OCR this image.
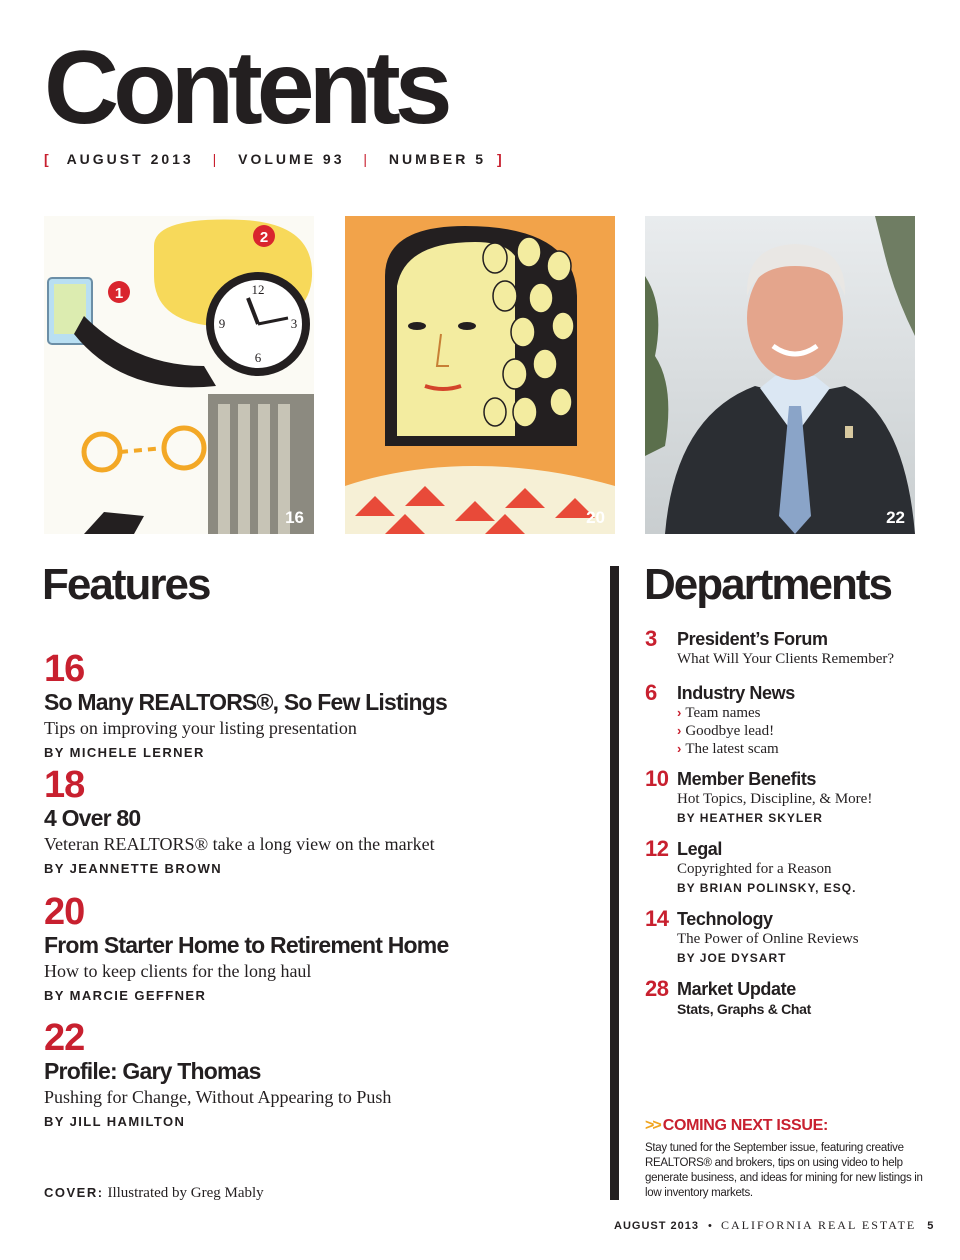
Contents
[ AUGUST 2013 | VOLUME 93 | NUMBER 5 ]
2
1	12
3
6
9
16	20	22
Features
16
So Many REALTORS®, So Few Listings
Tips on improving your listing presentation
BY MICHELE LERNER
18
4 Over 80
Veteran REALTORS® take a long view on the market
BY JEANNETTE BROWN
20
From Starter Home to Retirement Home
How to keep clients for the long haul
BY MARCIE GEFFNER
22
Profile: Gary Thomas
Pushing for Change, Without Appearing to Push
BY JILL HAMILTON
COVER: Illustrated by Greg Mably
Departments
3 President’s Forum
What Will Your Clients Remember?
6 Industry News
› Team names
› Goodbye lead!
› The latest scam
10 Member Benefits
Hot Topics, Discipline, & More!
BY HEATHER SKYLER
12 Legal
Copyrighted for a Reason
BY BRIAN POLINSKY, ESQ.
14 Technology
The Power of Online Reviews
BY JOE DYSART
28 Market Update
Stats, Graphs & Chat
>> COMING NEXT ISSUE:
Stay tuned for the September issue, featuring creative REALTORS® and brokers, tips on using video to help generate business, and ideas for mining for new listings in low inventory markets.
AUGUST 2013 • CALIFORNIA REAL ESTATE 5
